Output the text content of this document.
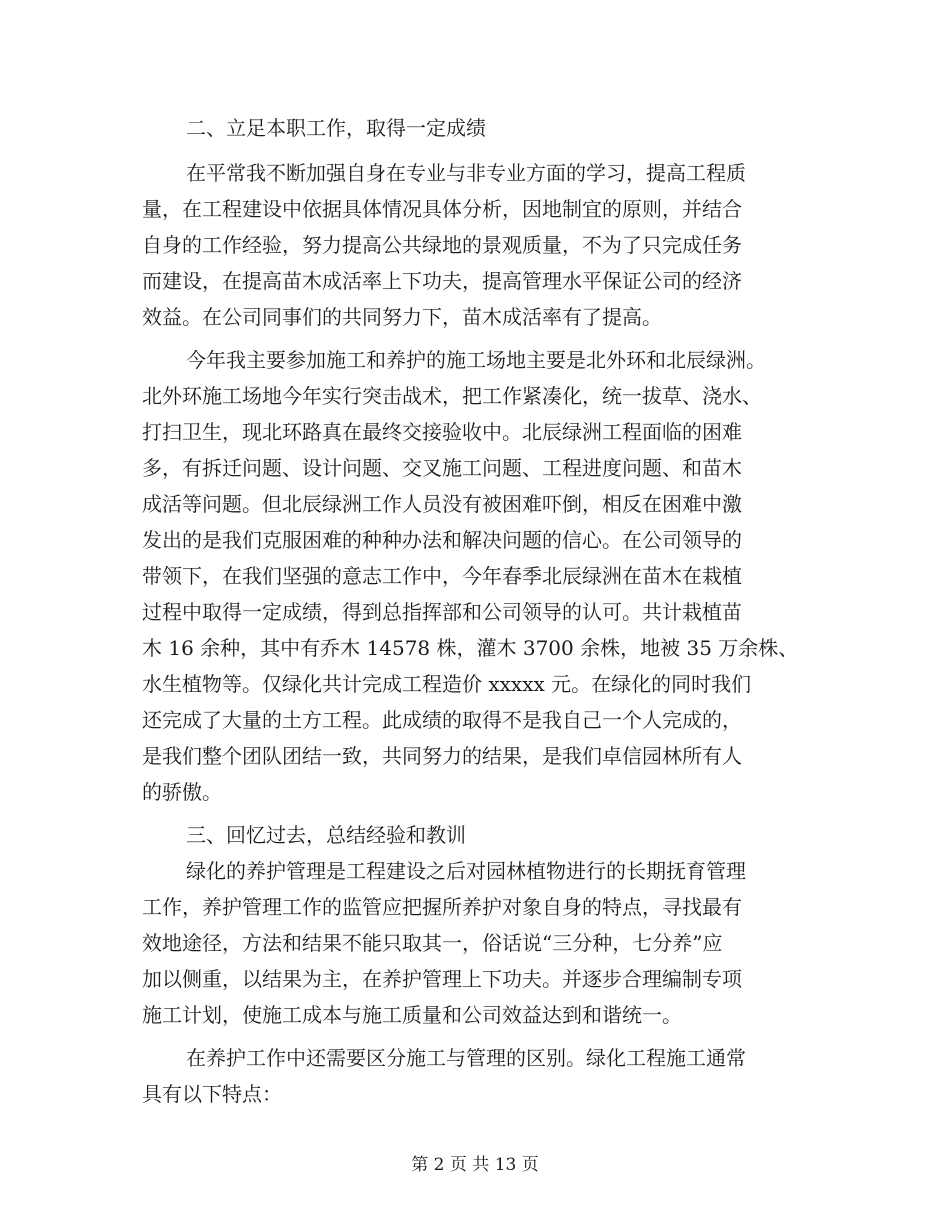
二、立足本职工作，取得一定成绩
在平常我不断加强自身在专业与非专业方面的学习，提高工程质
量，在工程建设中依据具体情况具体分析，因地制宜的原则，并结合
自身的工作经验，努力提高公共绿地的景观质量，不为了只完成任务
而建设，在提高苗木成活率上下功夫，提高管理水平保证公司的经济
效益。在公司同事们的共同努力下，苗木成活率有了提高。
今年我主要参加施工和养护的施工场地主要是北外环和北辰绿洲。
北外环施工场地今年实行突击战术，把工作紧凑化，统一拔草、浇水、
打扫卫生，现北环路真在最终交接验收中。北辰绿洲工程面临的困难
多，有拆迁问题、设计问题、交叉施工问题、工程进度问题、和苗木
成活等问题。但北辰绿洲工作人员没有被困难吓倒，相反在困难中激
发出的是我们克服困难的种种办法和解决问题的信心。在公司领导的
带领下，在我们坚强的意志工作中，今年春季北辰绿洲在苗木在栽植
过程中取得一定成绩，得到总指挥部和公司领导的认可。共计栽植苗
木 16 余种，其中有乔木 14578 株，灌木 3700 余株，地被 35 万余株、
水生植物等。仅绿化共计完成工程造价 xxxxx 元。在绿化的同时我们
还完成了大量的土方工程。此成绩的取得不是我自己一个人完成的，
是我们整个团队团结一致，共同努力的结果，是我们卓信园林所有人
的骄傲。
三、回忆过去，总结经验和教训
绿化的养护管理是工程建设之后对园林植物进行的长期抚育管理
工作，养护管理工作的监管应把握所养护对象自身的特点，寻找最有
效地途径，方法和结果不能只取其一，俗话说“三分种，七分养”应
加以侧重，以结果为主，在养护管理上下功夫。并逐步合理编制专项
施工计划，使施工成本与施工质量和公司效益达到和谐统一。
在养护工作中还需要区分施工与管理的区别。绿化工程施工通常
具有以下特点：
第 2 页 共 13 页
